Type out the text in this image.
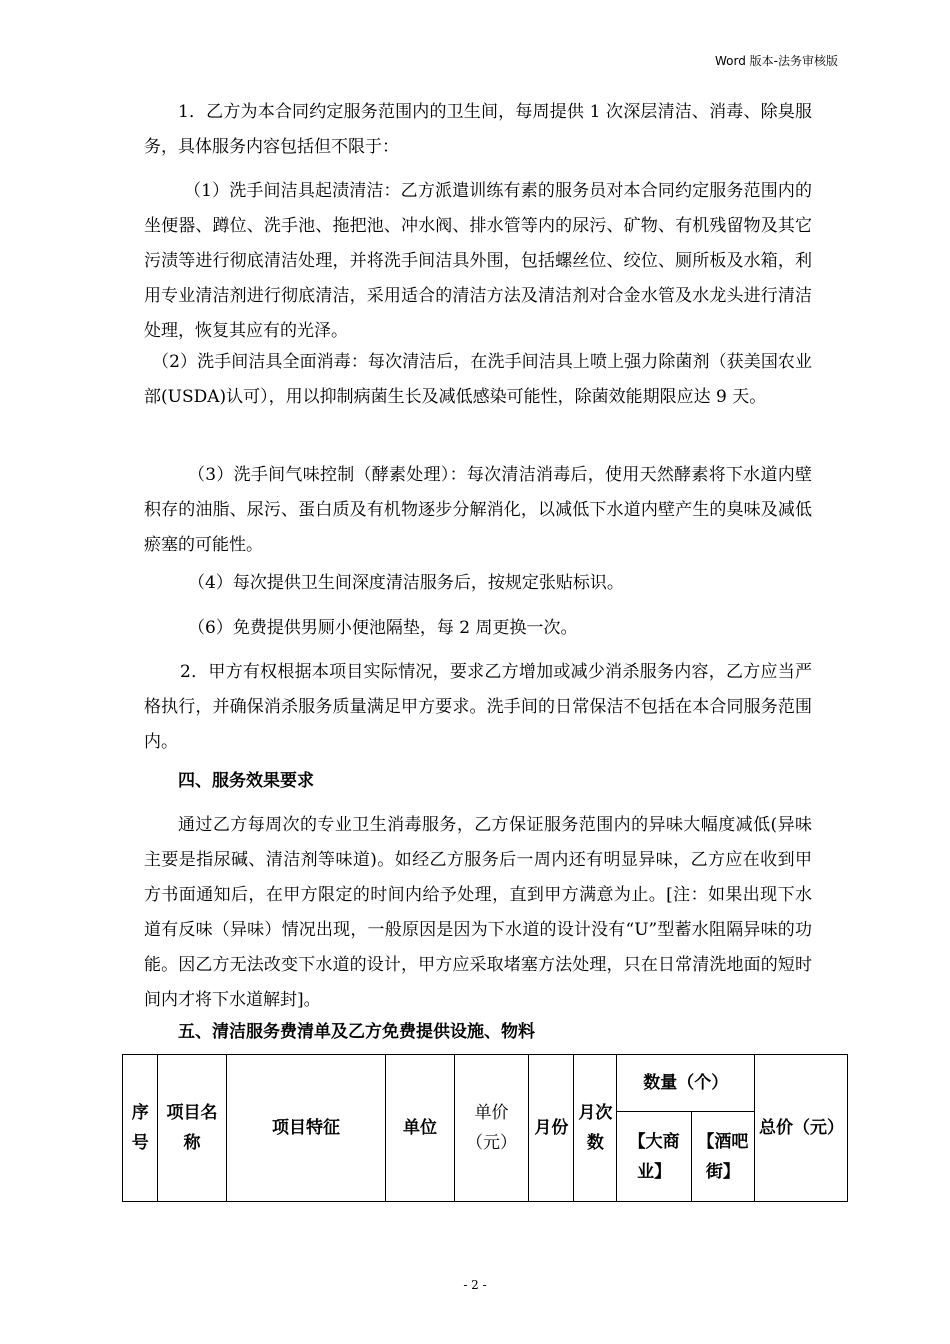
Word 版本-法务审核版

1．乙方为本合同约定服务范围内的卫生间，每周提供 1 次深层清洁、消毒、除臭服务，具体服务内容包括但不限于：

（1）洗手间洁具起渍清洁：乙方派遣训练有素的服务员对本合同约定服务范围内的坐便器、蹲位、洗手池、拖把池、冲水阀、排水管等内的尿污、矿物、有机残留物及其它污渍等进行彻底清洁处理，并将洗手间洁具外围，包括螺丝位、绞位、厕所板及水箱，利用专业清洁剂进行彻底清洁，采用适合的清洁方法及清洁剂对合金水管及水龙头进行清洁处理，恢复其应有的光泽。

（2）洗手间洁具全面消毒：每次清洁后，在洗手间洁具上喷上强力除菌剂（获美国农业部(USDA)认可），用以抑制病菌生长及减低感染可能性，除菌效能期限应达 9 天。

（3）洗手间气味控制（酵素处理）：每次清洁消毒后，使用天然酵素将下水道内壁积存的油脂、尿污、蛋白质及有机物逐步分解消化，以减低下水道内壁产生的臭味及减低瘀塞的可能性。

（4）每次提供卫生间深度清洁服务后，按规定张贴标识。

（6）免费提供男厕小便池隔垫，每 2 周更换一次。

2．甲方有权根据本项目实际情况，要求乙方增加或减少消杀服务内容，乙方应当严格执行，并确保消杀服务质量满足甲方要求。洗手间的日常保洁不包括在本合同服务范围内。

四、服务效果要求

通过乙方每周次的专业卫生消毒服务，乙方保证服务范围内的异味大幅度减低(异味主要是指尿碱、清洁剂等味道)。如经乙方服务后一周内还有明显异味，乙方应在收到甲方书面通知后，在甲方限定的时间内给予处理，直到甲方满意为止。[注：如果出现下水道有反味（异味）情况出现，一般原因是因为下水道的设计没有“U”型蓄水阻隔异味的功能。因乙方无法改变下水道的设计，甲方应采取堵塞方法处理，只在日常清洗地面的短时间内才将下水道解封]。

五、清洁服务费清单及乙方免费提供设施、物料
序号	项目名称	项目特征	单位	单价（元）	月份	月次数	数量（个）		总价（元）
							【大商业】	【酒吧街】	
- 2 -
